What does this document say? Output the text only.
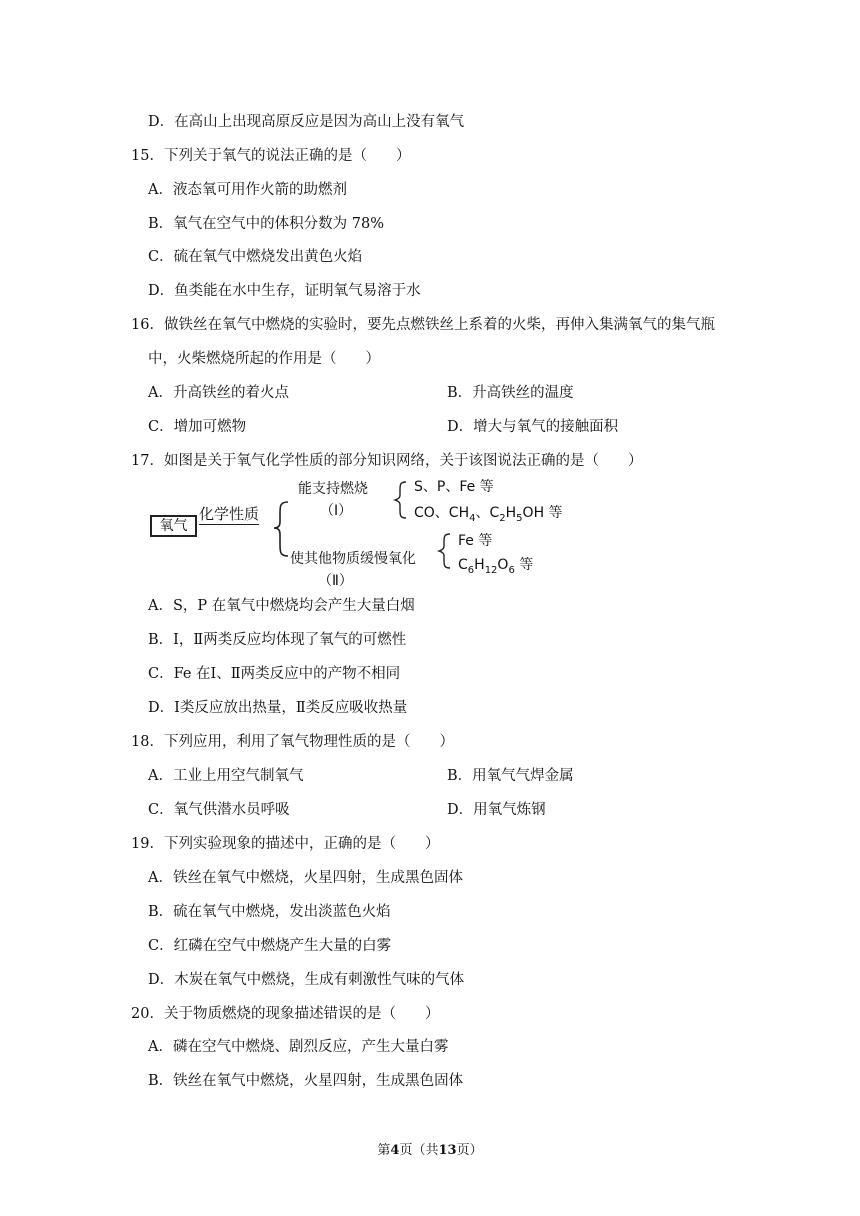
D．在高山上出现高原反应是因为高山上没有氧气
15．下列关于氧气的说法正确的是（　　）
A．液态氧可用作火箭的助燃剂
B．氧气在空气中的体积分数为 78%
C．硫在氧气中燃烧发出黄色火焰
D．鱼类能在水中生存，证明氧气易溶于水
16．做铁丝在氧气中燃烧的实验时，要先点燃铁丝上系着的火柴，再伸入集满氧气的集气瓶
中，火柴燃烧所起的作用是（　　）
A．升高铁丝的着火点	B．升高铁丝的温度
C．增加可燃物	D．增大与氧气的接触面积
17．如图是关于氧气化学性质的部分知识网络，关于该图说法正确的是（　　）
氧气
化学性质
能支持燃烧
（Ⅰ）
S、P、Fe 等
CO、$CH_4$、$C_2H_5OH$ 等
使其他物质缓慢氧化
（Ⅱ）
Fe 等
$C_6H_{12}O_6$ 等
A．S，P 在氧气中燃烧均会产生大量白烟
B．Ⅰ，Ⅱ两类反应均体现了氧气的可燃性
C．Fe 在Ⅰ、Ⅱ两类反应中的产物不相同
D．Ⅰ类反应放出热量，Ⅱ类反应吸收热量
18．下列应用，利用了氧气物理性质的是（　　）
A．工业上用空气制氧气	B．用氧气气焊金属
C．氧气供潜水员呼吸	D．用氧气炼钢
19．下列实验现象的描述中，正确的是（　　）
A．铁丝在氧气中燃烧，火星四射，生成黑色固体
B．硫在氧气中燃烧，发出淡蓝色火焰
C．红磷在空气中燃烧产生大量的白雾
D．木炭在氧气中燃烧，生成有刺激性气味的气体
20．关于物质燃烧的现象描述错误的是（　　）
A．磷在空气中燃烧、剧烈反应，产生大量白雾
B．铁丝在氧气中燃烧，火星四射，生成黑色固体
第4页（共13页）
